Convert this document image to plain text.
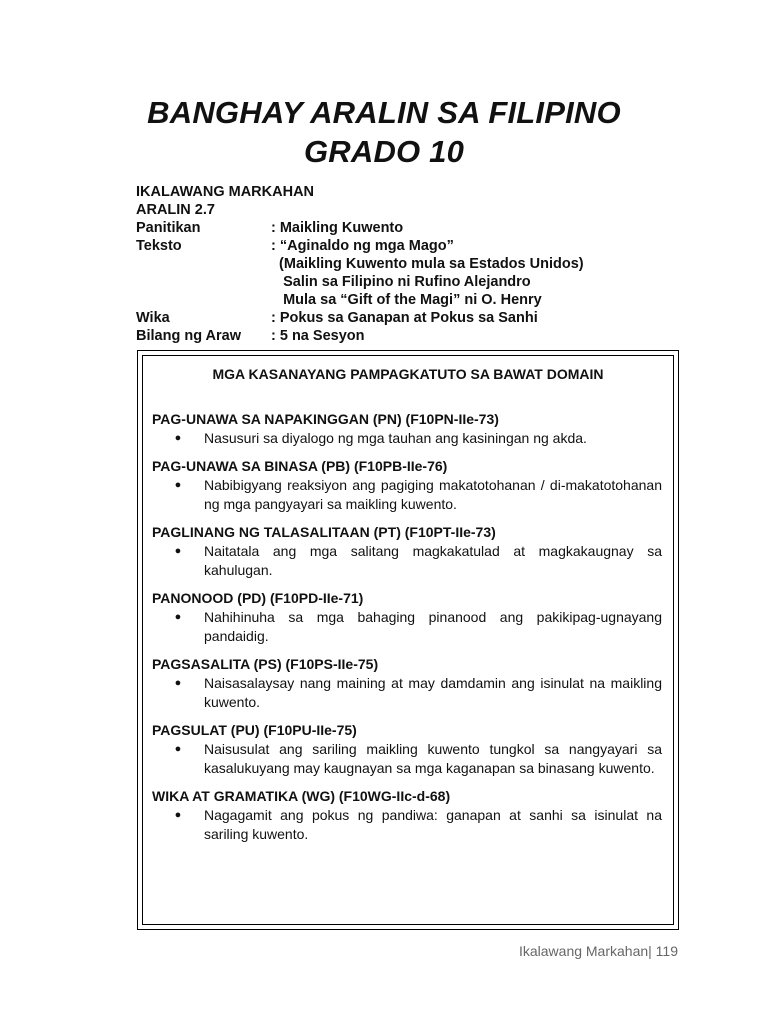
BANGHAY ARALIN SA FILIPINO
GRADO 10
IKALAWANG MARKAHAN
ARALIN 2.7
Panitikan	: Maikling Kuwento
Teksto	: “Aginaldo ng mga Mago”
(Maikling Kuwento mula sa Estados Unidos)
Salin sa Filipino ni Rufino Alejandro
Mula sa “Gift of the Magi” ni O. Henry
Wika	: Pokus sa Ganapan at Pokus sa Sanhi
Bilang ng Araw	: 5 na Sesyon
MGA KASANAYANG PAMPAGKATUTO SA BAWAT DOMAIN
PAG-UNAWA SA NAPAKINGGAN (PN) (F10PN-IIe-73)
●	Nasusuri sa diyalogo ng mga tauhan ang kasiningan ng akda.
PAG-UNAWA SA BINASA (PB) (F10PB-IIe-76)
●	Nabibigyang reaksiyon ang pagiging makatotohanan / di-makatotohanan ng mga pangyayari sa maikling kuwento.
PAGLINANG NG TALASALITAAN (PT) (F10PT-IIe-73)
●	Naitatala ang mga salitang magkakatulad at magkakaugnay sa kahulugan.
PANONOOD (PD) (F10PD-IIe-71)
●	Nahihinuha sa mga bahaging pinanood ang pakikipag-ugnayang pandaidig.
PAGSASALITA (PS) (F10PS-IIe-75)
●	Naisasalaysay nang maining at may damdamin ang isinulat na maikling kuwento.
PAGSULAT (PU) (F10PU-IIe-75)
●	Naisusulat ang sariling maikling kuwento tungkol sa nangyayari sa kasalukuyang may kaugnayan sa mga kaganapan sa binasang kuwento.
WIKA AT GRAMATIKA (WG) (F10WG-IIc-d-68)
●	Nagagamit ang pokus ng pandiwa: ganapan at sanhi sa isinulat na sariling kuwento.
Ikalawang Markahan| 119
